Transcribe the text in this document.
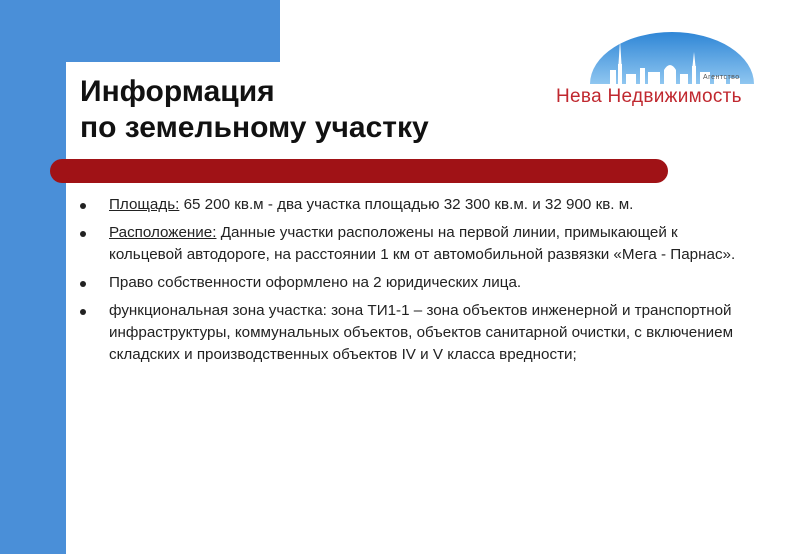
Информация
по земельному участку
Агентство
Нева Недвижимость
Площадь: 65 200 кв.м - два участка площадью 32 300 кв.м. и 32 900 кв. м.
Расположение: Данные участки расположены на первой линии, примыкающей к кольцевой автодороге, на расстоянии 1 км от автомобильной развязки «Мега - Парнас».
Право собственности оформлено на 2 юридических лица.
функциональная зона участка: зона ТИ1-1 – зона объектов инженерной и транспортной инфраструктуры, коммунальных объектов, объектов санитарной очистки, с включением складских и производственных объектов IV и V класса вредности;
